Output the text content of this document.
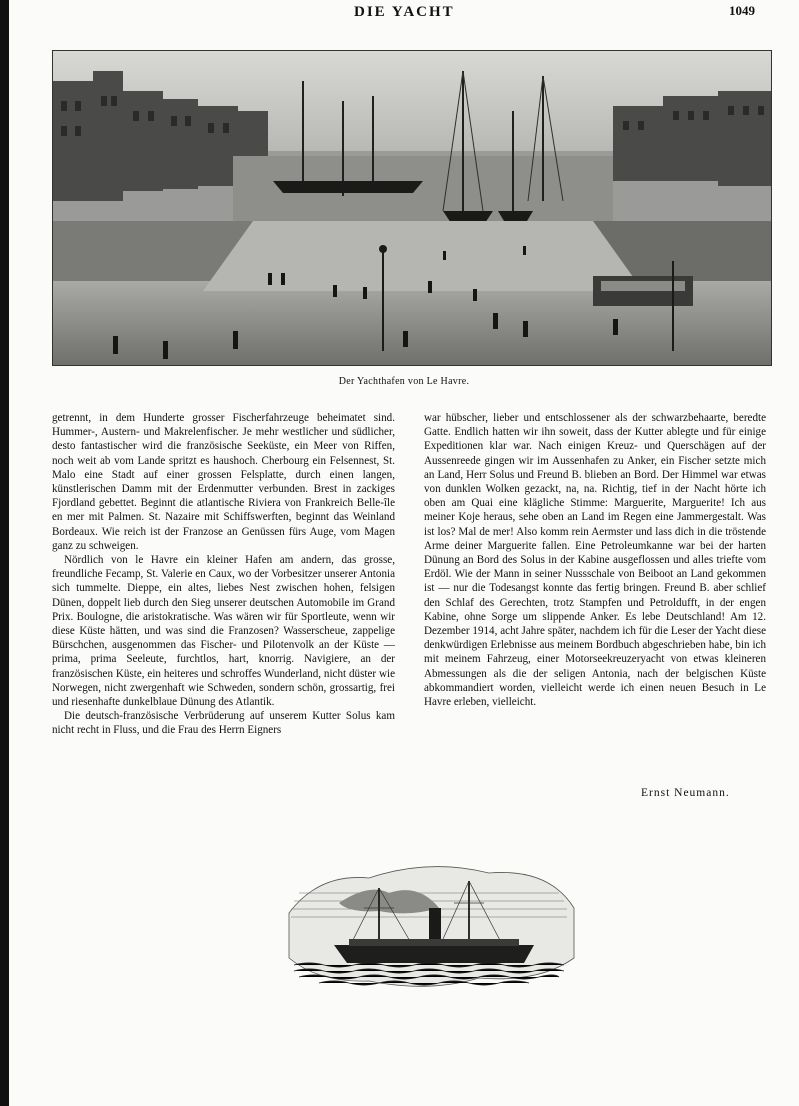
DIE YACHT	1049
Der Yachthafen von Le Havre.

getrennt, in dem Hunderte grosser Fischerfahrzeuge beheimatet sind. Hummer-, Austern- und Makrelenfischer. Je mehr westlicher und südlicher, desto fantastischer wird die französische Seeküste, ein Meer von Riffen, noch weit ab vom Lande spritzt es haushoch. Cherbourg ein Felsennest, St. Malo eine Stadt auf einer grossen Felsplatte, durch einen langen, künstlerischen Damm mit der Erdenmutter verbunden. Brest in zackiges Fjordland gebettet. Beginnt die atlantische Riviera von Frankreich Belle-île en mer mit Palmen. St. Nazaire mit Schiffswerften, beginnt das Weinland Bordeaux. Wie reich ist der Franzose an Genüssen fürs Auge, vom Magen ganz zu schweigen.

Nördlich von le Havre ein kleiner Hafen am andern, das grosse, freundliche Fecamp, St. Valerie en Caux, wo der Vorbesitzer unserer Antonia sich tummelte. Dieppe, ein altes, liebes Nest zwischen hohen, felsigen Dünen, doppelt lieb durch den Sieg unserer deutschen Automobile im Grand Prix. Boulogne, die aristokratische. Was wären wir für Sportleute, wenn wir diese Küste hätten, und was sind die Franzosen? Wasserscheue, zappelige Bürschchen, ausgenommen das Fischer- und Pilotenvolk an der Küste — prima, prima Seeleute, furchtlos, hart, knorrig. Navigiere, an der französischen Küste, ein heiteres und schroffes Wunderland, nicht düster wie Norwegen, nicht zwergenhaft wie Schweden, sondern schön, grossartig, frei und riesenhafte dunkelblaue Dünung des Atlantik.

Die deutsch-französische Verbrüderung auf unserem Kutter Solus kam nicht recht in Fluss, und die Frau des Herrn Eigners

war hübscher, lieber und entschlossener als der schwarzbehaarte, beredte Gatte. Endlich hatten wir ihn soweit, dass der Kutter ablegte und für einige Expeditionen klar war. Nach einigen Kreuz- und Querschägen auf der Aussenreede gingen wir im Aussenhafen zu Anker, ein Fischer setzte mich an Land, Herr Solus und Freund B. blieben an Bord. Der Himmel war etwas von dunklen Wolken gezackt, na, na. Richtig, tief in der Nacht hörte ich oben am Quai eine klägliche Stimme: Marguerite, Marguerite! Ich aus meiner Koje heraus, sehe oben an Land im Regen eine Jammergestalt. Was ist los? Mal de mer! Also komm rein Aermster und lass dich in die tröstende Arme deiner Marguerite fallen. Eine Petroleumkanne war bei der harten Dünung an Bord des Solus in der Kabine ausgeflossen und alles triefte vom Erdöl. Wie der Mann in seiner Nussschale von Beiboot an Land gekommen ist — nur die Todesangst konnte das fertig bringen. Freund B. aber schlief den Schlaf des Gerechten, trotz Stampfen und Petroldufft, in der engen Kabine, ohne Sorge um slippende Anker. Es lebe Deutschland! Am 12. Dezember 1914, acht Jahre später, nachdem ich für die Leser der Yacht diese denkwürdigen Erlebnisse aus meinem Bordbuch abgeschrieben habe, bin ich mit meinem Fahrzeug, einer Motorseekreuzeryacht von etwas kleineren Abmessungen als die der seligen Antonia, nach der belgischen Küste abkommandiert worden, vielleicht werde ich einen neuen Besuch in Le Havre erleben, vielleicht.

Ernst Neumann.
